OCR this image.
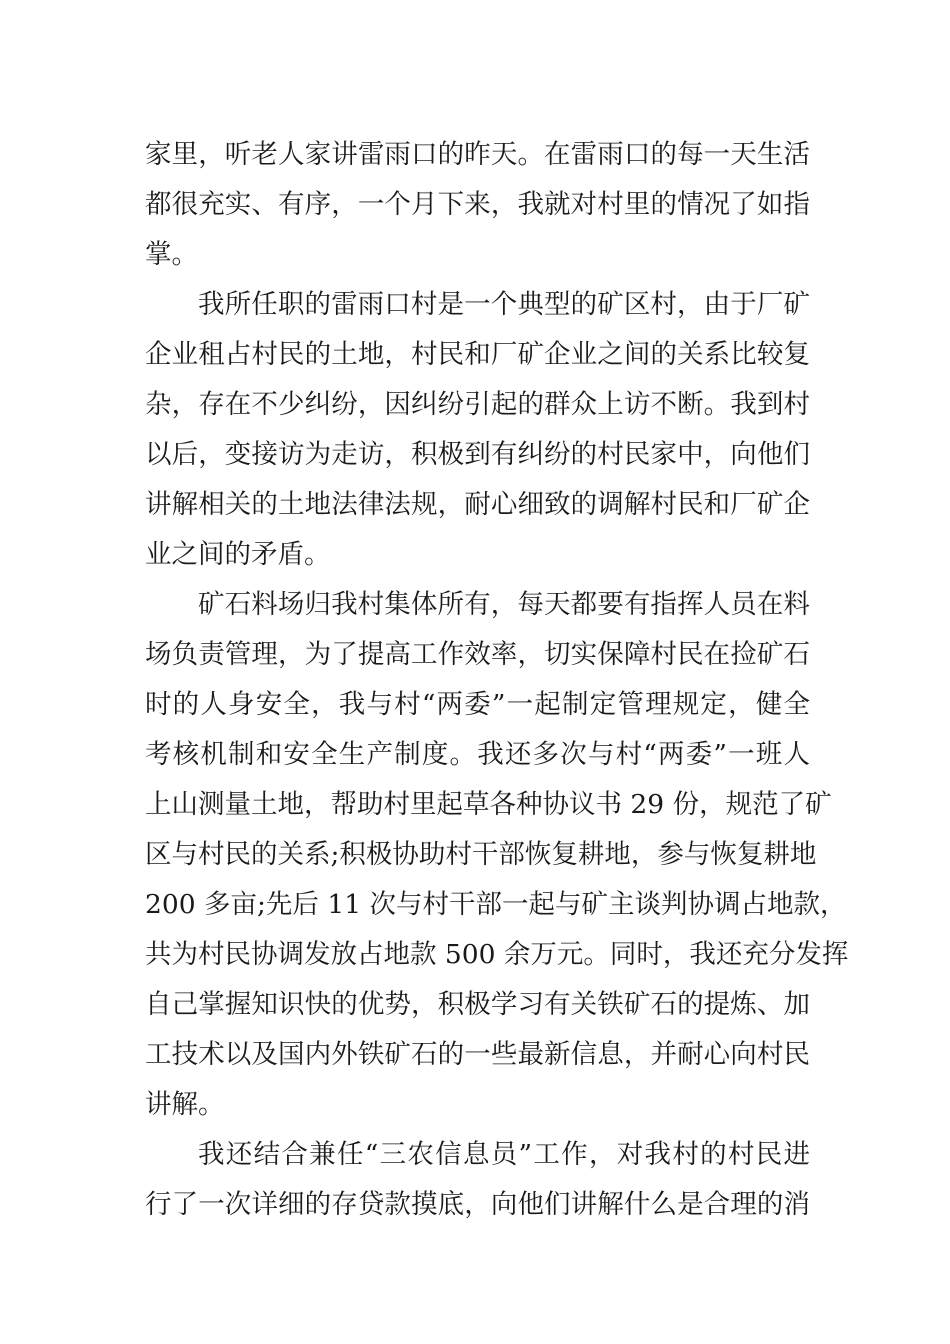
家里，听老人家讲雷雨口的昨天。在雷雨口的每一天生活
都很充实、有序，一个月下来，我就对村里的情况了如指
掌。
我所任职的雷雨口村是一个典型的矿区村，由于厂矿
企业租占村民的土地，村民和厂矿企业之间的关系比较复
杂，存在不少纠纷，因纠纷引起的群众上访不断。我到村
以后，变接访为走访，积极到有纠纷的村民家中，向他们
讲解相关的土地法律法规，耐心细致的调解村民和厂矿企
业之间的矛盾。
矿石料场归我村集体所有，每天都要有指挥人员在料
场负责管理，为了提高工作效率，切实保障村民在捡矿石
时的人身安全，我与村“两委”一起制定管理规定，健全
考核机制和安全生产制度。我还多次与村“两委”一班人
上山测量土地，帮助村里起草各种协议书 29 份，规范了矿
区与村民的关系;积极协助村干部恢复耕地，参与恢复耕地
200 多亩;先后 11 次与村干部一起与矿主谈判协调占地款，
共为村民协调发放占地款 500 余万元。同时，我还充分发挥
自己掌握知识快的优势，积极学习有关铁矿石的提炼、加
工技术以及国内外铁矿石的一些最新信息，并耐心向村民
讲解。
我还结合兼任“三农信息员”工作，对我村的村民进
行了一次详细的存贷款摸底，向他们讲解什么是合理的消
